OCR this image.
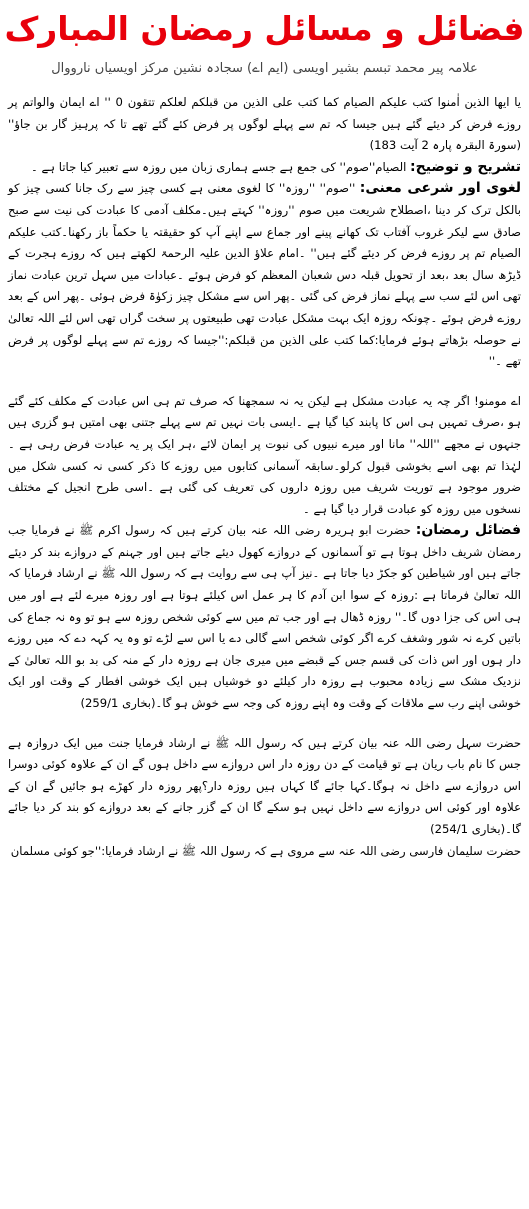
فضائل و مسائل رمضان المبارک
علامہ پیر محمد تبسم بشیر اویسی (ایم اے) سجادہ نشین مرکز اویسیاں نارووال

یا ایھا الذین اٰمنوا کتب علیکم الصیام کما کتب علی الذین من قبلکم لعلکم تتقون 0 '' اے ایمان والواتم پر روزے فرض کر دیئے گئے ہیں جیسا کہ تم سے پہلے لوگوں پر فرض کئے گئے تھے تا کہ پرہیز گار بن جاؤ'' (سورۃ البقرہ پارہ 2 آیت 183)

تشریح و توضیح: الصیام''صوم'' کی جمع ہے جسے ہماری زبان میں روزہ سے تعبیر کیا جاتا ہے ۔

لغوی اور شرعی معنی: ''صوم'' ''روزہ'' کا لغوی معنی ہے کسی چیز سے رک جانا کسی چیز کو بالکل ترک کر دینا ،اصطلاح شریعت میں صوم ''روزہ'' کہتے ہیں۔مکلف آدمی کا عبادت کی نیت سے صبح صادق سے لیکر غروب آفتاب تک کھانے پینے اور جماع سے اپنے آپ کو حقیقتہ یا حکماً باز رکھنا۔کتب علیکم الصیام تم پر روزے فرض کر دیئے گئے ہیں'' ۔امام علاؤ الدین علیہ الرحمۃ لکھتے ہیں کہ روزے ہجرت کے ڈیڑھ سال بعد ،بعد از تحویل قبلہ دس شعبان المعظم کو فرض ہوئے ۔عبادات میں سہل ترین عبادت نماز تھی اس لئے سب سے پہلے نماز فرض کی گئی ۔پھر اس سے مشکل چیز زکوٰۃ فرض ہوئی ۔پھر اس کے بعد روزے فرض ہوئے ۔چونکہ روزہ ایک بہت مشکل عبادت تھی طبیعتوں پر سخت گراں تھی اس لئے اللہ تعالیٰ نے حوصلہ بڑھاتے ہوئے فرمایا:کما کتب علی الذین من قبلکم:''جیسا کہ روزے تم سے پہلے لوگوں پر فرض تھے ۔''

اے مومنو! اگر چہ یہ عبادت مشکل ہے لیکن یہ نہ سمجھنا کہ صرف تم ہی اس عبادت کے مکلف کئے گئے ہو ،صرف تمہیں ہی اس کا پابند کیا گیا ہے ۔ایسی بات نہیں تم سے پہلے جتنی بھی امتیں ہو گزری ہیں جنہوں نے مجھے ''اللہ'' مانا اور میرے نبیوں کی نبوت پر ایمان لائے ،ہر ایک پر یہ عبادت فرض رہی ہے ۔لہٰذا تم بھی اسے بخوشی قبول کرلو۔سابقہ آسمانی کتابوں میں روزے کا ذکر کسی نہ کسی شکل میں ضرور موجود ہے توریت شریف میں روزہ داروں کی تعریف کی گئی ہے ۔اسی طرح انجیل کے مختلف نسخوں میں روزہ کو عبادت قرار دیا گیا ہے ۔

فضائل رمضان: حضرت ابو ہریرہ رضی اللہ عنہ بیان کرتے ہیں کہ رسول اکرم ﷺ نے فرمایا جب رمضان شریف داخل ہوتا ہے تو آسمانوں کے دروازے کھول دیئے جاتے ہیں اور جہنم کے دروازے بند کر دیئے جاتے ہیں اور شیاطین کو جکڑ دیا جاتا ہے ۔نیز آپ ہی سے روایت ہے کہ رسول اللہ ﷺ نے ارشاد فرمایا کہ اللہ تعالیٰ فرماتا ہے :روزہ کے سوا ابن آدم کا ہر عمل اس کیلئے ہوتا ہے اور روزہ میرے لئے ہے اور میں ہی اس کی جزا دوں گا۔'' روزہ ڈھال ہے اور جب تم میں سے کوئی شخص روزہ سے ہو تو وہ نہ جماع کی باتیں کرے نہ شور وشغف کرے اگر کوئی شخص اسے گالی دے یا اس سے لڑے تو وہ یہ کہہ دے کہ میں روزے دار ہوں اور اس ذات کی قسم جس کے قبضے میں میری جان ہے روزہ دار کے منہ کی بد بو اللہ تعالیٰ کے نزدیک مشک سے زیادہ محبوب ہے روزہ دار کیلئے دو خوشیاں ہیں ایک خوشی افطار کے وقت اور ایک خوشی اپنے رب سے ملاقات کے وقت وہ اپنے روزہ کی وجہ سے خوش ہو گا۔(بخاری 259/1)

حضرت سہل رضی اللہ عنہ بیان کرتے ہیں کہ رسول اللہ ﷺ نے ارشاد فرمایا جنت میں ایک دروازہ ہے جس کا نام باب ریان ہے تو قیامت کے دن روزہ دار اس دروازے سے داخل ہوں گے ان کے علاوہ کوئی دوسرا اس دروازے سے داخل نہ ہوگا۔کہا جائے گا کہاں ہیں روزہ دار؟پھر روزہ دار کھڑے ہو جائیں گے ان کے علاوہ اور کوئی اس دروازے سے داخل نہیں ہو سکے گا ان کے گزر جانے کے بعد دروازے کو بند کر دیا جائے گا۔(بخاری 254/1)

حضرت سلیمان فارسی رضی اللہ عنہ سے مروی ہے کہ رسول اللہ ﷺ نے ارشاد فرمایا:''جو کوئی مسلمان
